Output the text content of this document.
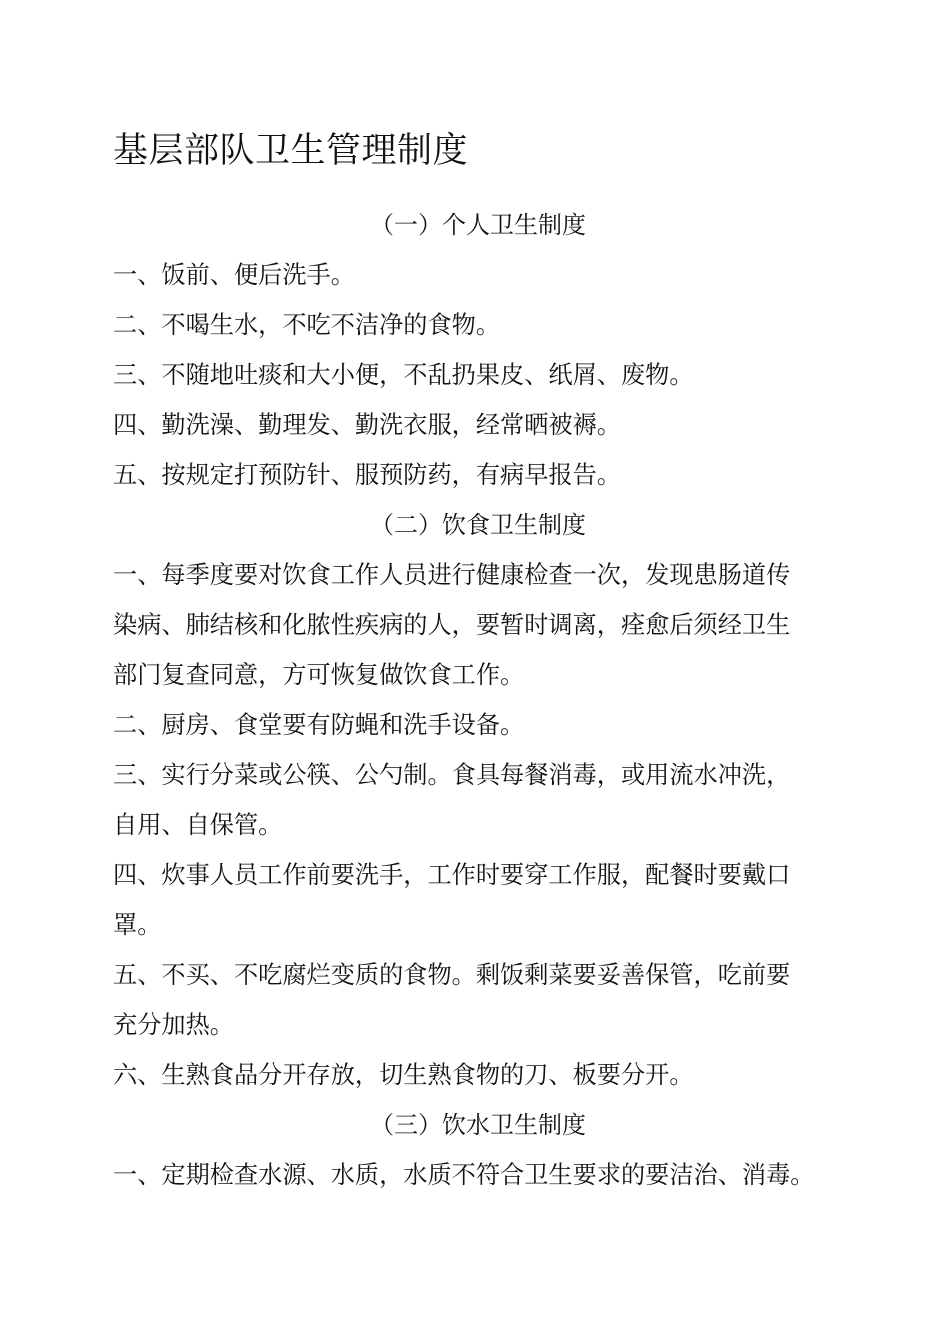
基层部队卫生管理制度
（一）个人卫生制度

一、饭前、便后洗手。

二、不喝生水，不吃不洁净的食物。

三、不随地吐痰和大小便，不乱扔果皮、纸屑、废物。

四、勤洗澡、勤理发、勤洗衣服，经常晒被褥。

五、按规定打预防针、服预防药，有病早报告。

（二）饮食卫生制度

一、每季度要对饮食工作人员进行健康检查一次，发现患肠道传
染病、肺结核和化脓性疾病的人，要暂时调离，痊愈后须经卫生
部门复查同意，方可恢复做饮食工作。

二、厨房、食堂要有防蝇和洗手设备。

三、实行分菜或公筷、公勺制。食具每餐消毒，或用流水冲洗，
自用、自保管。

四、炊事人员工作前要洗手，工作时要穿工作服，配餐时要戴口
罩。

五、不买、不吃腐烂变质的食物。剩饭剩菜要妥善保管，吃前要
充分加热。

六、生熟食品分开存放，切生熟食物的刀、板要分开。

（三）饮水卫生制度

一、定期检查水源、水质，水质不符合卫生要求的要洁治、消毒。
